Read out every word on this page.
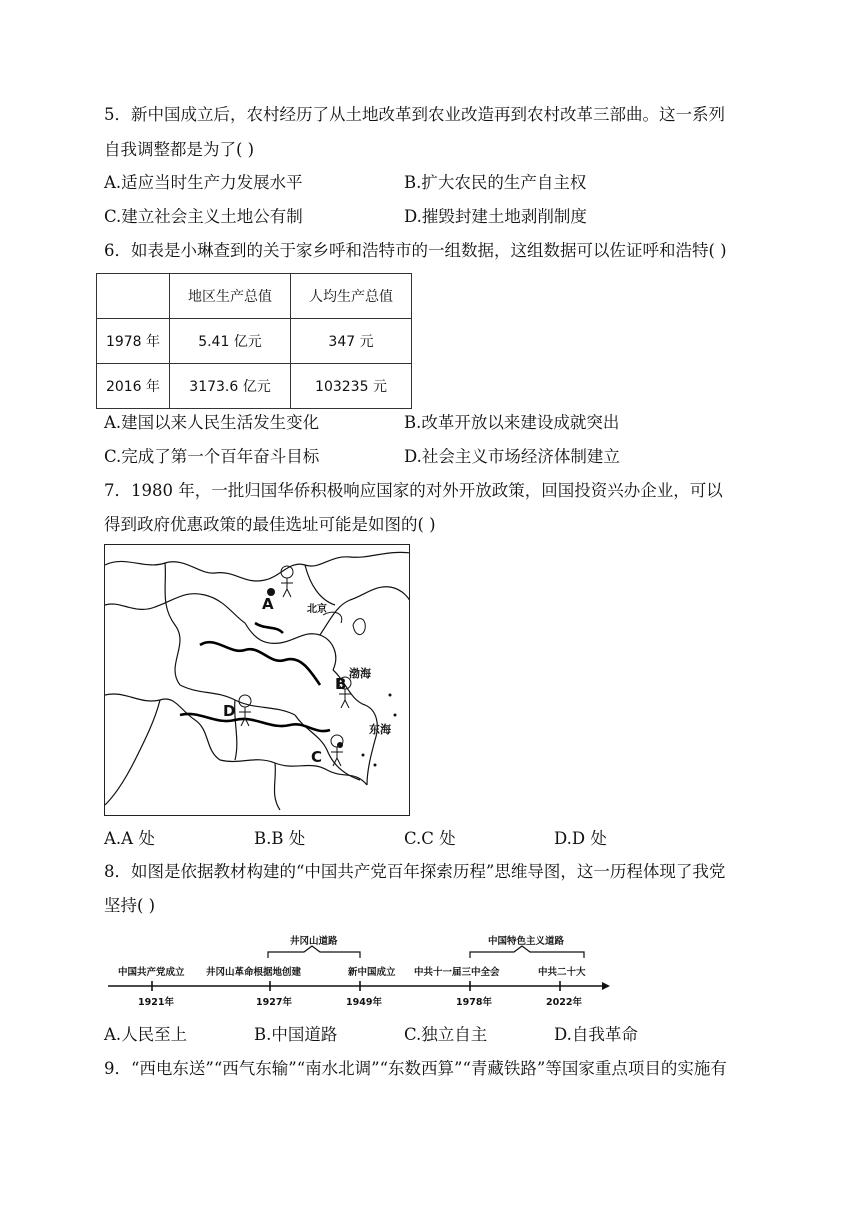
5．新中国成立后，农村经历了从土地改革到农业改造再到农村改革三部曲。这一系列
自我调整都是为了( )
A.适应当时生产力发展水平	B.扩大农民的生产自主权
C.建立社会主义土地公有制	D.摧毁封建土地剥削制度
6．如表是小琳查到的关于家乡呼和浩特市的一组数据，这组数据可以佐证呼和浩特( )
	地区生产总值	人均生产总值
1978 年	5.41 亿元	347 元
2016 年	3173.6 亿元	103235 元
A.建国以来人民生活发生变化	B.改革开放以来建设成就突出
C.完成了第一个百年奋斗目标	D.社会主义市场经济体制建立
7．1980 年，一批归国华侨积极响应国家的对外开放政策，回国投资兴办企业，可以
得到政府优惠政策的最佳选址可能是如图的( )
A	北京
渤海
B
D
东海
C
A.A 处	B.B 处	C.C 处	D.D 处
8．如图是依据教材构建的“中国共产党百年探索历程”思维导图，这一历程体现了我党
坚持( )
井冈山道路	中国特色主义道路
中国共产党成立 井冈山革命根据地创建	新中国成立 中共十一届三中全会	中共二十大
1921年	1927年	1949年	1978年	2022年
A.人民至上	B.中国道路	C.独立自主	D.自我革命
9．“西电东送”“西气东输”“南水北调”“东数西算”“青藏铁路”等国家重点项目的实施有
